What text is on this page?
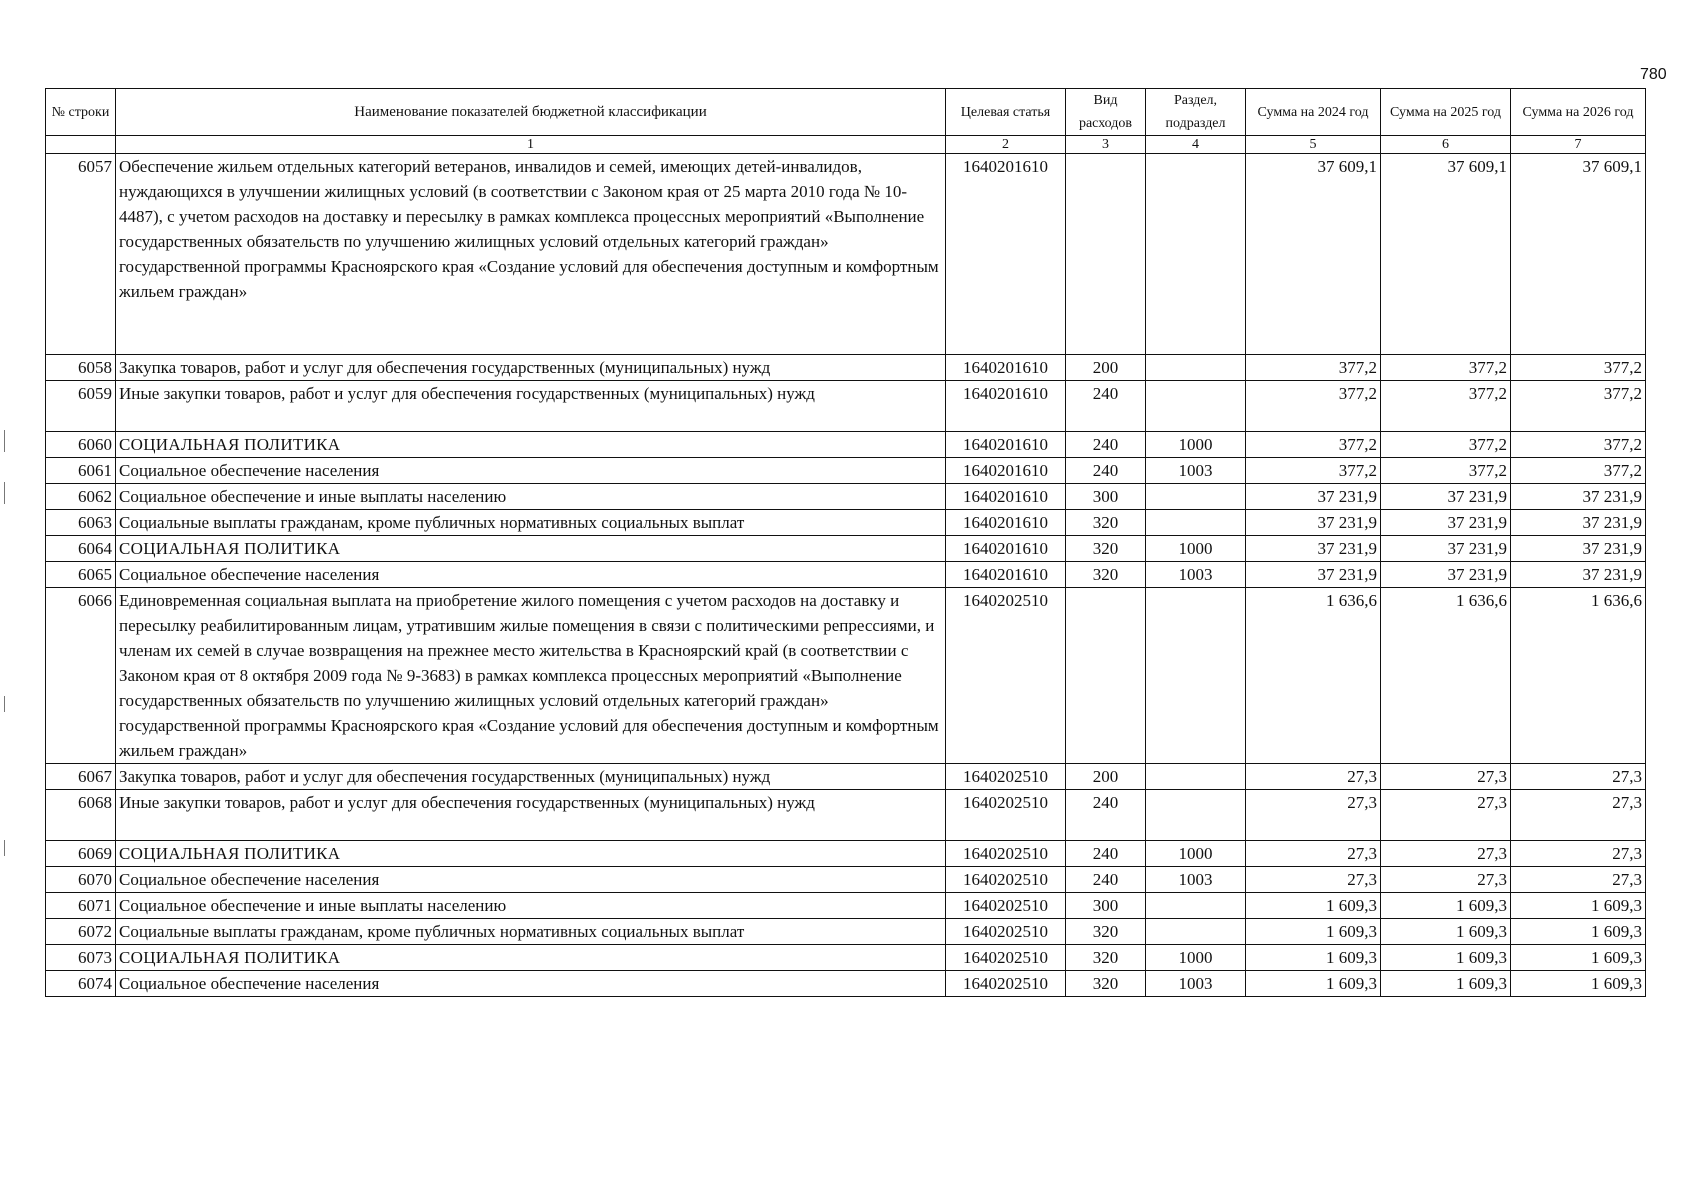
780
№ строки	Наименование показателей бюджетной классификации	Целевая статья	Вид расходов	Раздел, подраздел	Сумма на 2024 год	Сумма на 2025 год	Сумма на 2026 год
	1	2	3	4	5	6	7
6057	Обеспечение жильем отдельных категорий ветеранов, инвалидов и семей, имеющих детей-инвалидов, нуждающихся в улучшении жилищных условий (в соответствии с Законом края от 25 марта 2010 года № 10-4487), с учетом расходов на доставку и пересылку в рамках комплекса процессных мероприятий «Выполнение государственных обязательств по улучшению жилищных условий отдельных категорий граждан» государственной программы Красноярского края «Создание условий для обеспечения доступным и комфортным жильем граждан»	1640201610			37 609,1	37 609,1	37 609,1
6058	Закупка товаров, работ и услуг для обеспечения государственных (муниципальных) нужд	1640201610	200		377,2	377,2	377,2
6059	Иные закупки товаров, работ и услуг для обеспечения государственных (муниципальных) нужд	1640201610	240		377,2	377,2	377,2
6060	СОЦИАЛЬНАЯ ПОЛИТИКА	1640201610	240	1000	377,2	377,2	377,2
6061	Социальное обеспечение населения	1640201610	240	1003	377,2	377,2	377,2
6062	Социальное обеспечение и иные выплаты населению	1640201610	300		37 231,9	37 231,9	37 231,9
6063	Социальные выплаты гражданам, кроме публичных нормативных социальных выплат	1640201610	320		37 231,9	37 231,9	37 231,9
6064	СОЦИАЛЬНАЯ ПОЛИТИКА	1640201610	320	1000	37 231,9	37 231,9	37 231,9
6065	Социальное обеспечение населения	1640201610	320	1003	37 231,9	37 231,9	37 231,9
6066	Единовременная социальная выплата на приобретение жилого помещения с учетом расходов на доставку и пересылку реабилитированным лицам, утратившим жилые помещения в связи с политическими репрессиями, и членам их семей в случае возвращения на прежнее место жительства в Красноярский край (в соответствии с Законом края от 8 октября 2009 года № 9-3683) в рамках комплекса процессных мероприятий «Выполнение государственных обязательств по улучшению жилищных условий отдельных категорий граждан» государственной программы Красноярского края «Создание условий для обеспечения доступным и комфортным жильем граждан»	1640202510			1 636,6	1 636,6	1 636,6
6067	Закупка товаров, работ и услуг для обеспечения государственных (муниципальных) нужд	1640202510	200		27,3	27,3	27,3
6068	Иные закупки товаров, работ и услуг для обеспечения государственных (муниципальных) нужд	1640202510	240		27,3	27,3	27,3
6069	СОЦИАЛЬНАЯ ПОЛИТИКА	1640202510	240	1000	27,3	27,3	27,3
6070	Социальное обеспечение населения	1640202510	240	1003	27,3	27,3	27,3
6071	Социальное обеспечение и иные выплаты населению	1640202510	300		1 609,3	1 609,3	1 609,3
6072	Социальные выплаты гражданам, кроме публичных нормативных социальных выплат	1640202510	320		1 609,3	1 609,3	1 609,3
6073	СОЦИАЛЬНАЯ ПОЛИТИКА	1640202510	320	1000	1 609,3	1 609,3	1 609,3
6074	Социальное обеспечение населения	1640202510	320	1003	1 609,3	1 609,3	1 609,3
